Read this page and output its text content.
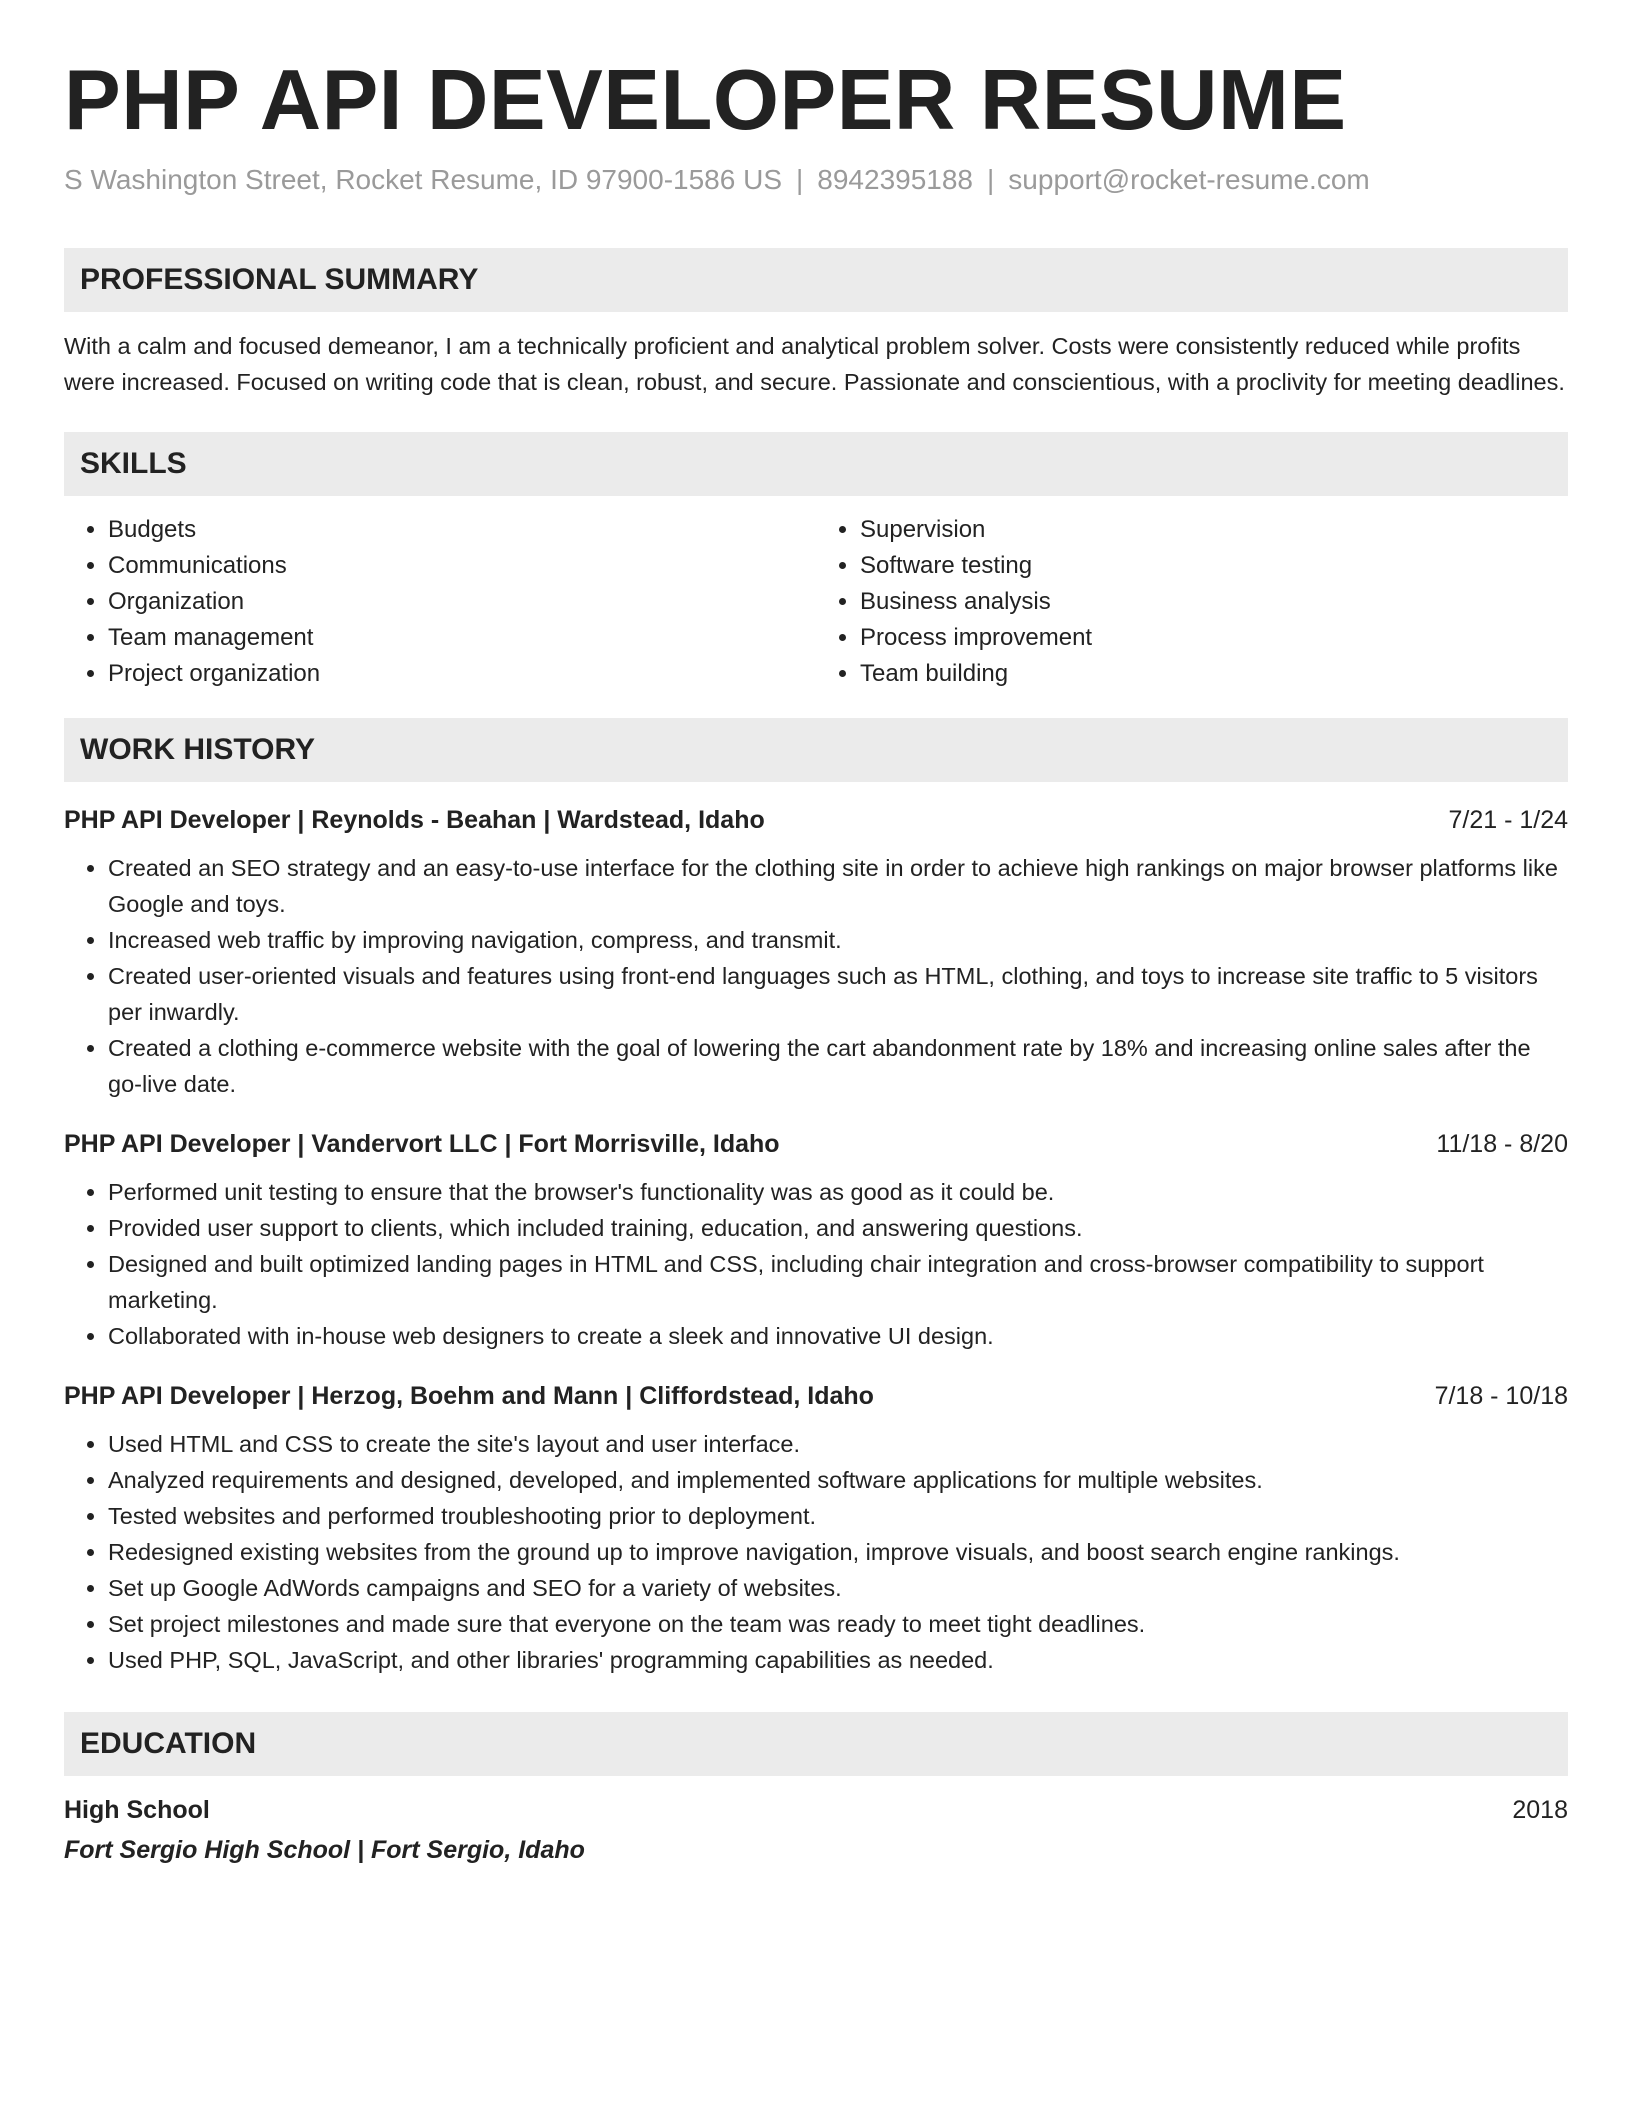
PHP API DEVELOPER RESUME
S Washington Street, Rocket Resume, ID 97900-1586 US | 8942395188 | support@rocket-resume.com
PROFESSIONAL SUMMARY

With a calm and focused demeanor, I am a technically proficient and analytical problem solver. Costs were consistently reduced while profits were increased. Focused on writing code that is clean, robust, and secure. Passionate and conscientious, with a proclivity for meeting deadlines.

SKILLS
• Budgets
• Communications
• Organization
• Team management
• Project organization
• Supervision
• Software testing
• Business analysis
• Process improvement
• Team building
WORK HISTORY
PHP API Developer | Reynolds - Beahan | Wardstead, Idaho	7/21 - 1/24
• Created an SEO strategy and an easy-to-use interface for the clothing site in order to achieve high rankings on major browser platforms like Google and toys.
• Increased web traffic by improving navigation, compress, and transmit.
• Created user-oriented visuals and features using front-end languages such as HTML, clothing, and toys to increase site traffic to 5 visitors per inwardly.
• Created a clothing e-commerce website with the goal of lowering the cart abandonment rate by 18% and increasing online sales after the go-live date.
PHP API Developer | Vandervort LLC | Fort Morrisville, Idaho	11/18 - 8/20
• Performed unit testing to ensure that the browser's functionality was as good as it could be.
• Provided user support to clients, which included training, education, and answering questions.
• Designed and built optimized landing pages in HTML and CSS, including chair integration and cross-browser compatibility to support marketing.
• Collaborated with in-house web designers to create a sleek and innovative UI design.
PHP API Developer | Herzog, Boehm and Mann | Cliffordstead, Idaho	7/18 - 10/18
• Used HTML and CSS to create the site's layout and user interface.
• Analyzed requirements and designed, developed, and implemented software applications for multiple websites.
• Tested websites and performed troubleshooting prior to deployment.
• Redesigned existing websites from the ground up to improve navigation, improve visuals, and boost search engine rankings.
• Set up Google AdWords campaigns and SEO for a variety of websites.
• Set project milestones and made sure that everyone on the team was ready to meet tight deadlines.
• Used PHP, SQL, JavaScript, and other libraries' programming capabilities as needed.
EDUCATION
High School	2018
Fort Sergio High School | Fort Sergio, Idaho
